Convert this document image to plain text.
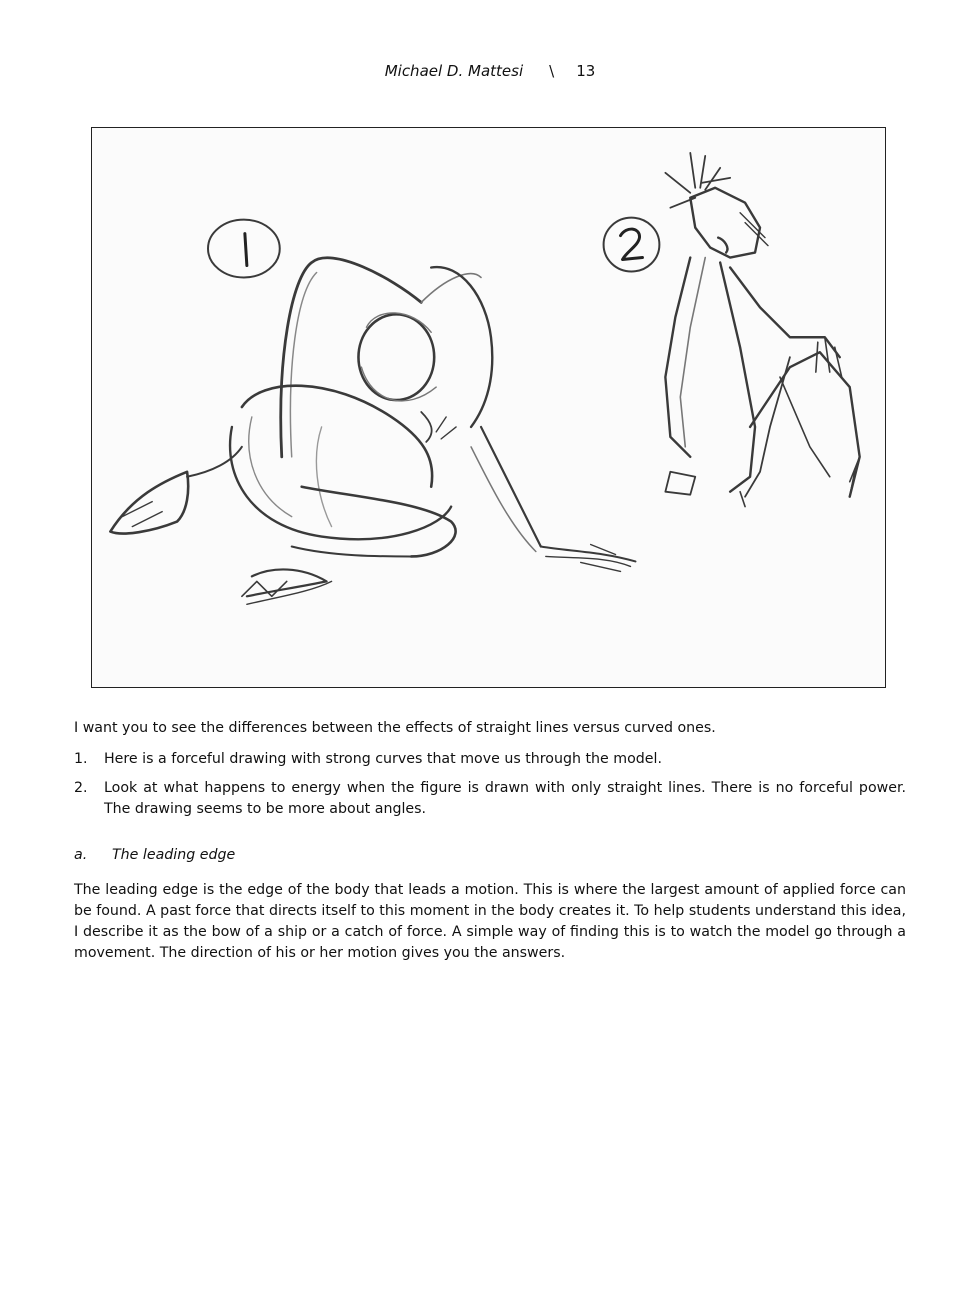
Michael D. Mattesi \ 13
I want you to see the differences between the effects of straight lines versus curved ones.
1.	Here is a forceful drawing with strong curves that move us through the model.
2.	Look at what happens to energy when the figure is drawn with only straight lines. There is no forceful power. The drawing seems to be more about angles.
a. The leading edge
The leading edge is the edge of the body that leads a motion. This is where the largest amount of applied force can be found. A past force that directs itself to this moment in the body creates it. To help students understand this idea, I describe it as the bow of a ship or a catch of force. A simple way of finding this is to watch the model go through a movement. The direction of his or her motion gives you the answers.
